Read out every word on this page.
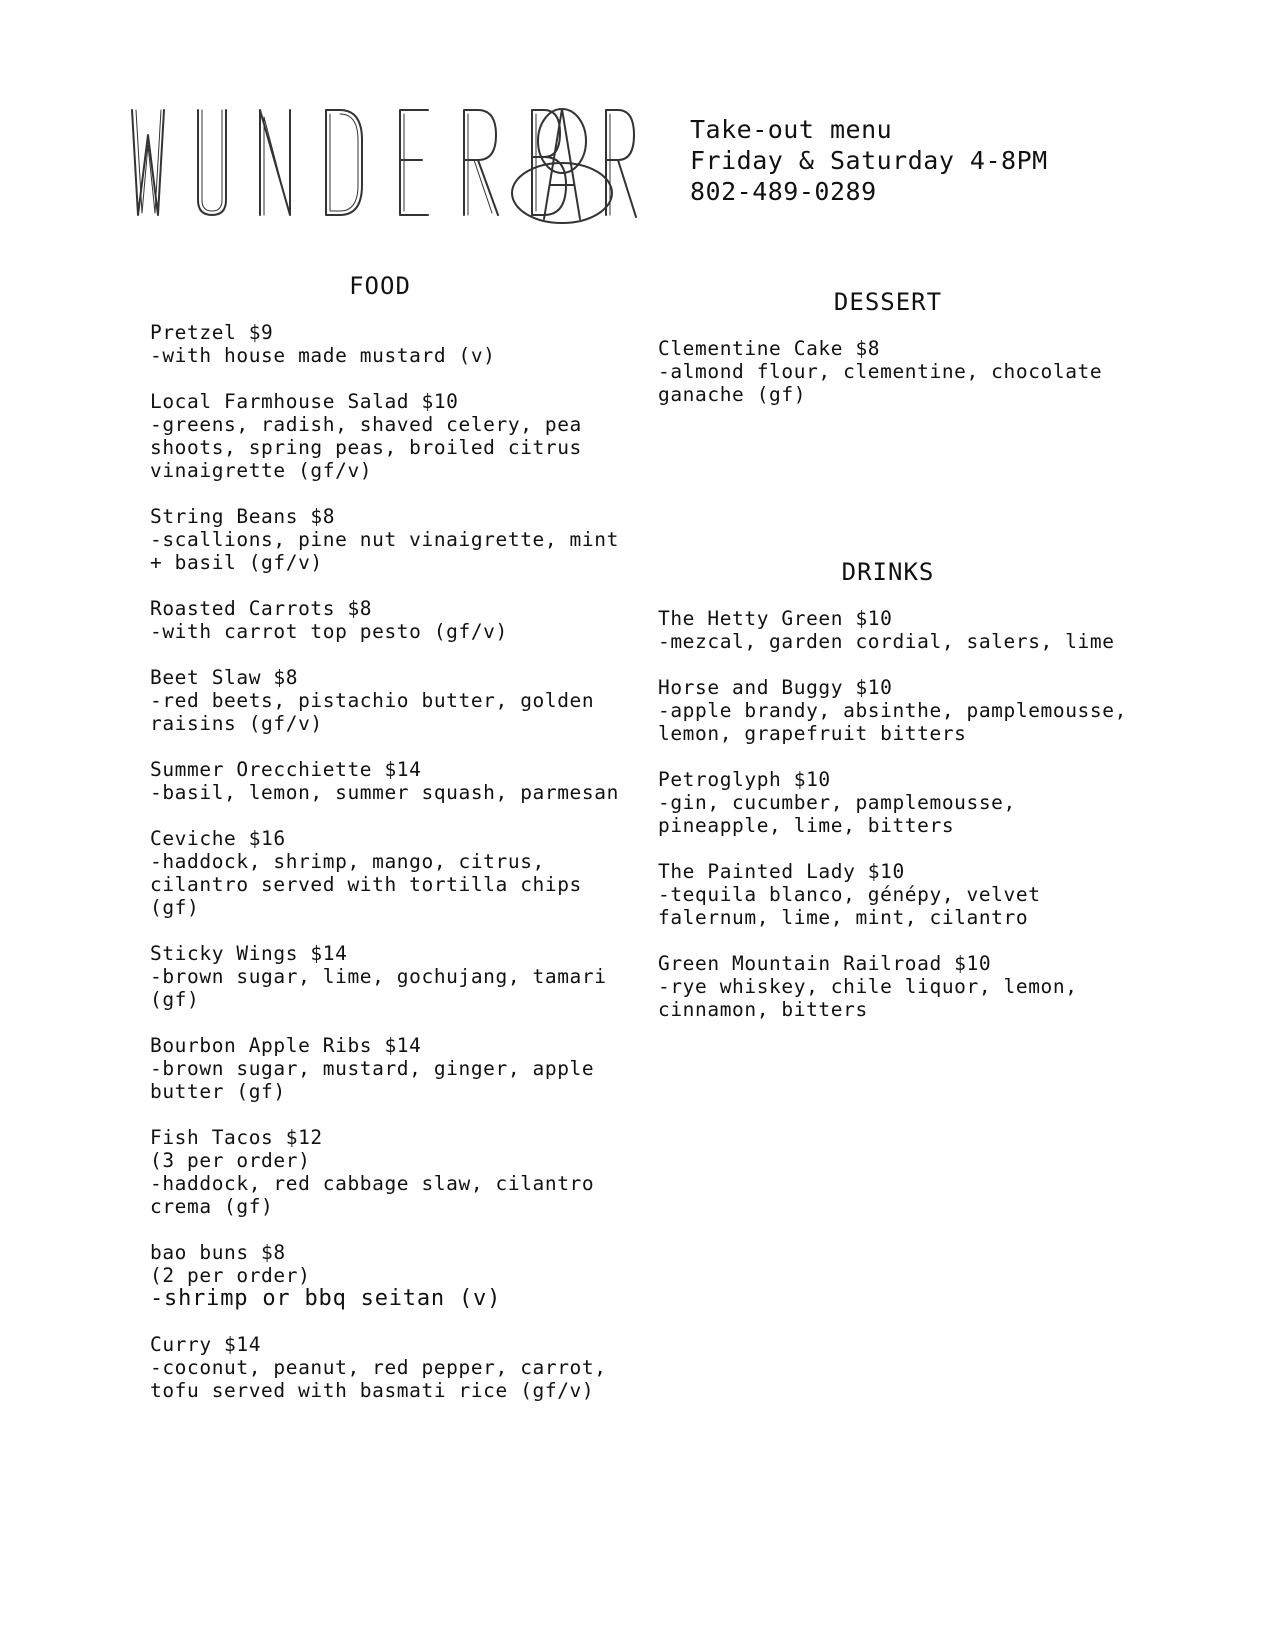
Take-out menu
Friday & Saturday 4-8PM
802-489-0289
FOOD
Pretzel $9
-with house made mustard (v)
Local Farmhouse Salad $10
-greens, radish, shaved celery, pea shoots, spring peas, broiled citrus vinaigrette (gf/v)
String Beans $8
-scallions, pine nut vinaigrette, mint + basil (gf/v)
Roasted Carrots $8
-with carrot top pesto (gf/v)
Beet Slaw $8
-red beets, pistachio butter, golden raisins (gf/v)
Summer Orecchiette $14
-basil, lemon, summer squash, parmesan
Ceviche $16
-haddock, shrimp, mango, citrus, cilantro served with tortilla chips (gf)
Sticky Wings $14
-brown sugar, lime, gochujang, tamari (gf)
Bourbon Apple Ribs $14
-brown sugar, mustard, ginger, apple butter (gf)
Fish Tacos $12
(3 per order)
-haddock, red cabbage slaw, cilantro crema (gf)
bao buns $8
(2 per order)
-shrimp or bbq seitan (v)
Curry $14
-coconut, peanut, red pepper, carrot, tofu served with basmati rice (gf/v)
DESSERT
Clementine Cake $8
-almond flour, clementine, chocolate ganache (gf)
DRINKS
The Hetty Green $10
-mezcal, garden cordial, salers, lime
Horse and Buggy $10
-apple brandy, absinthe, pamplemousse, lemon, grapefruit bitters
Petroglyph $10
-gin, cucumber, pamplemousse, pineapple, lime, bitters
The Painted Lady $10
-tequila blanco, génépy, velvet falernum, lime, mint, cilantro
Green Mountain Railroad $10
-rye whiskey, chile liquor, lemon, cinnamon, bitters
